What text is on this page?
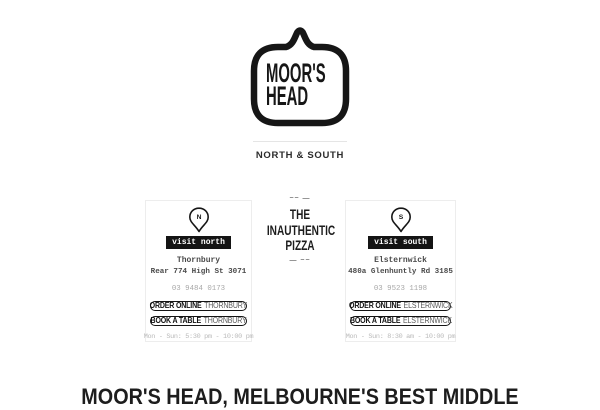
MOOR'S
HEAD
NORTH & SOUTH
N
visit north
Thornbury
Rear 774 High St 3071
03 9484 0173
ORDER ONLINE THORNBURY
BOOK A TABLE THORNBURY
Mon - Sun: 5:30 pm - 10:00 pm
~~ —
THE
INAUTHENTIC
PIZZA
— ~~
S
visit south
Elsternwick
480a Glenhuntly Rd 3185
03 9523 1198
ORDER ONLINE ELSTERNWICK
BOOK A TABLE ELSTERNWICK
Mon - Sun: 8:30 am - 10:00 pm
MOOR'S HEAD, MELBOURNE'S BEST MIDDLE
